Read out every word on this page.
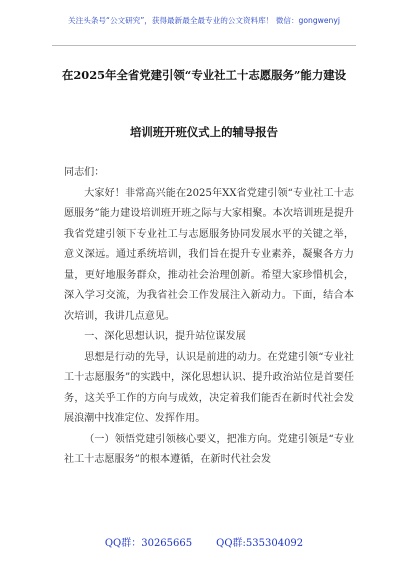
关注头条号“公文研究”，获得最新最全最专业的公文资料库！ 微信：gongwenyj
在2025年全省党建引领“专业社工十志愿服务”能力建设
培训班开班仪式上的辅导报告

同志们：

大家好！非常高兴能在2025年XX省党建引领“专业社工十志愿服务”能力建设培训班开班之际与大家相聚。本次培训班是提升我省党建引领下专业社工与志愿服务协同发展水平的关键之举，意义深远。通过系统培训，我们旨在提升专业素养，凝聚各方力量，更好地服务群众，推动社会治理创新。希望大家珍惜机会，深入学习交流，为我省社会工作发展注入新动力。下面，结合本次培训，我讲几点意见。

一、深化思想认识，提升站位谋发展

思想是行动的先导，认识是前进的动力。在党建引领“专业社工十志愿服务”的实践中，深化思想认识、提升政治站位是首要任务，这关乎工作的方向与成效，决定着我们能否在新时代社会发展浪潮中找准定位、发挥作用。

（一）领悟党建引领核心要义，把准方向。党建引领是“专业社工十志愿服务”的根本遵循，在新时代社会发

QQ群：30265665 QQ群:535304092
